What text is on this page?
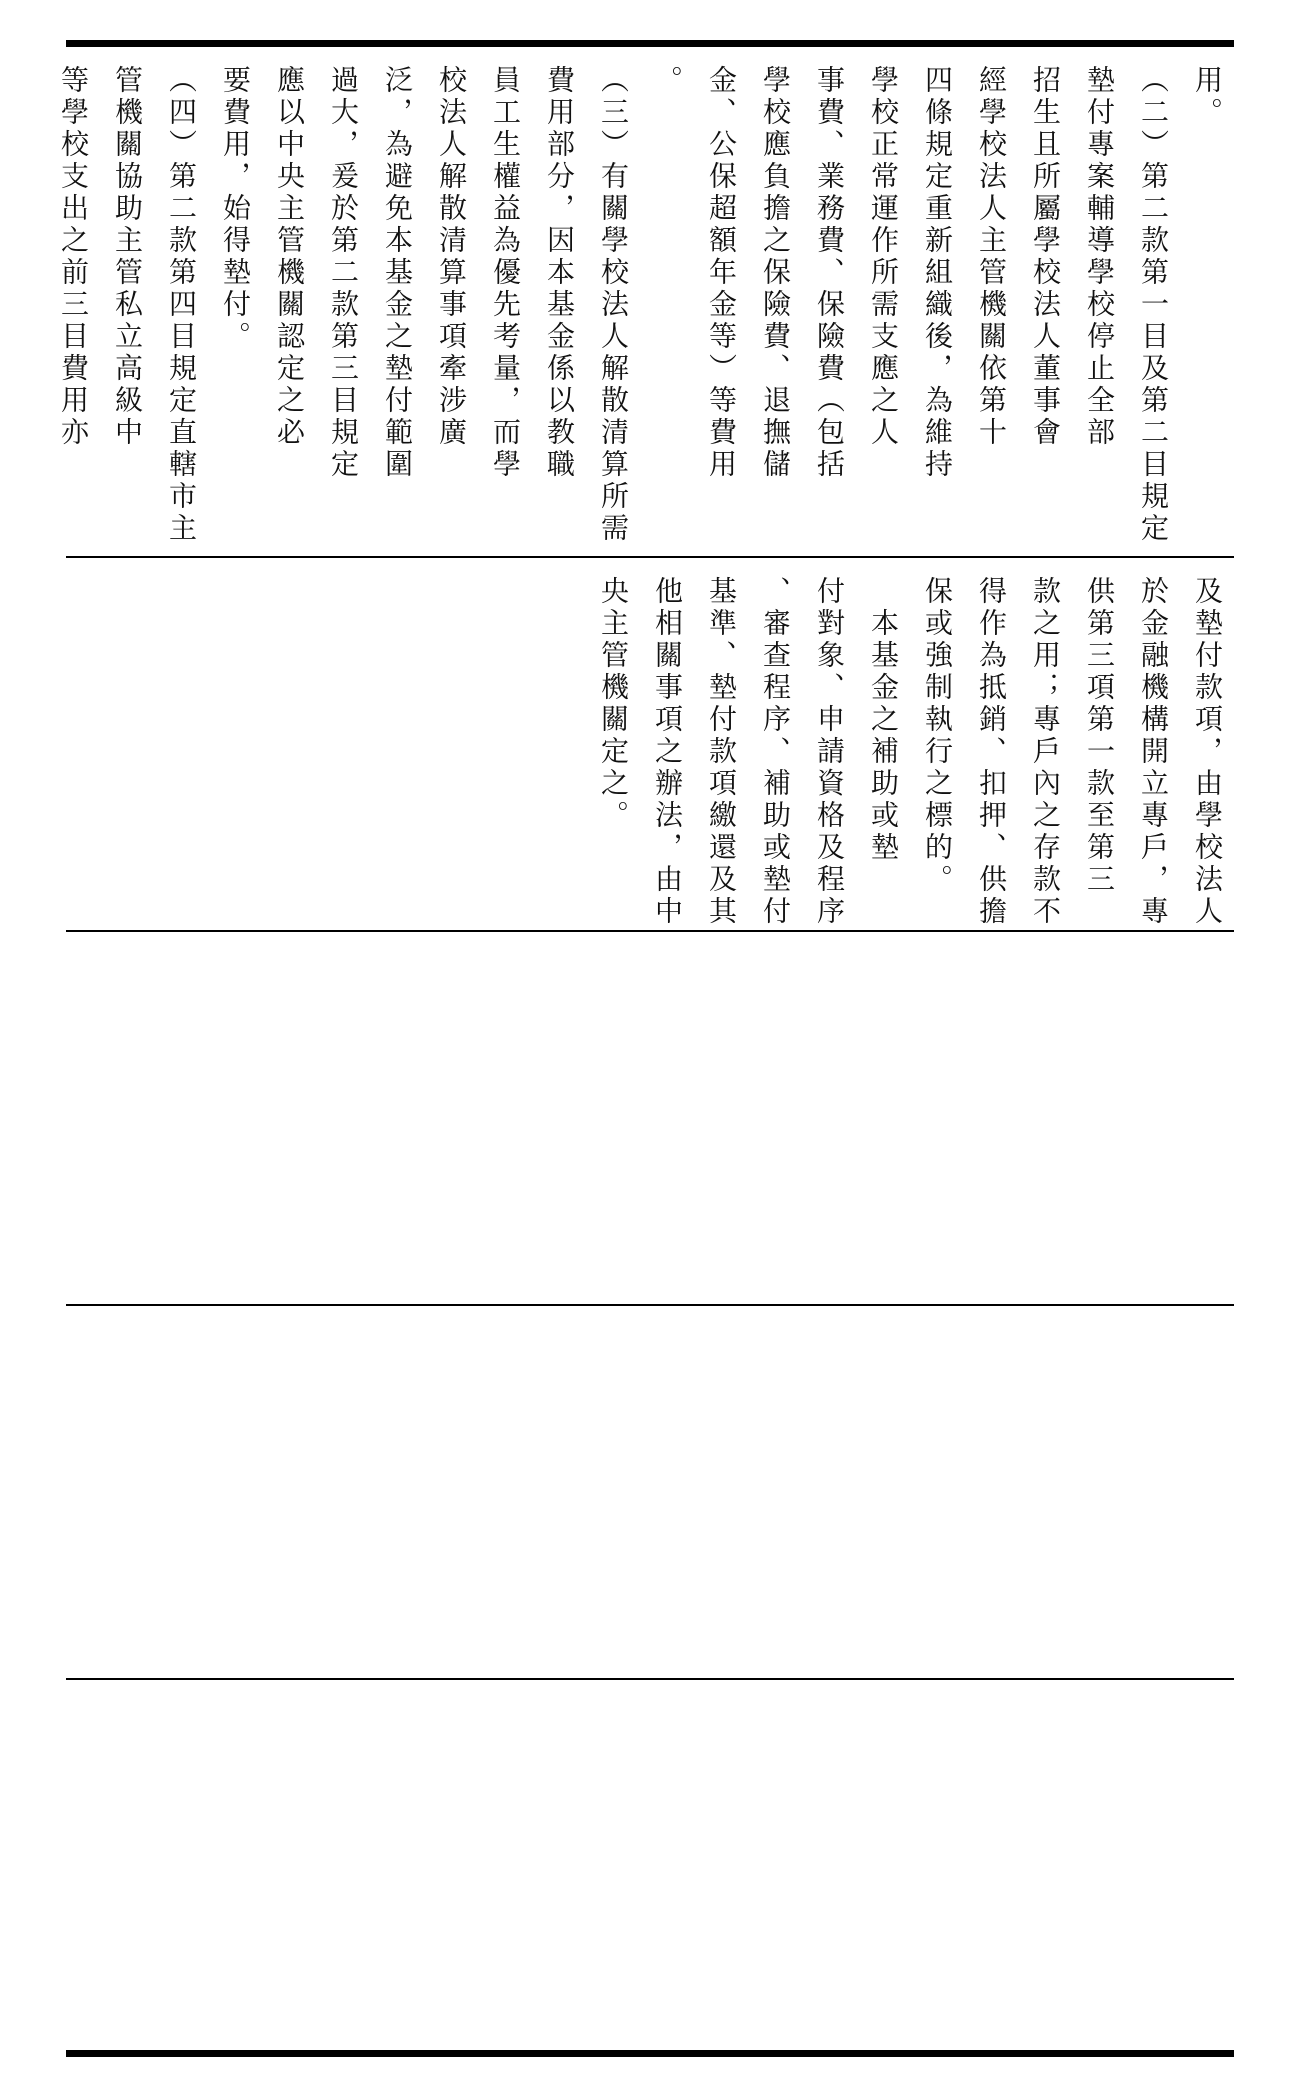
用。
（二）第二款第一目及第二目規定
墊付專案輔導學校停止全部
招生且所屬學校法人董事會
經學校法人主管機關依第十
四條規定重新組織後，為維持
學校正常運作所需支應之人
事費、業務費、保險費（包括
學校應負擔之保險費、退撫儲
金、公保超額年金等）等費用
。
（三）有關學校法人解散清算所需
費用部分，因本基金係以教職
員工生權益為優先考量，而學
校法人解散清算事項牽涉廣
泛，為避免本基金之墊付範圍
過大，爰於第二款第三目規定
應以中央主管機關認定之必
要費用，始得墊付。
（四）第二款第四目規定直轄市主
管機關協助主管私立高級中
等學校支出之前三目費用亦
及墊付款項，由學校法人
於金融機構開立專戶，專
供第三項第一款至第三
款之用；專戶內之存款不
得作為抵銷、扣押、供擔
保或強制執行之標的。
　本基金之補助或墊
付對象、申請資格及程序
、審查程序、補助或墊付
基準、墊付款項繳還及其
他相關事項之辦法，由中
央主管機關定之。
